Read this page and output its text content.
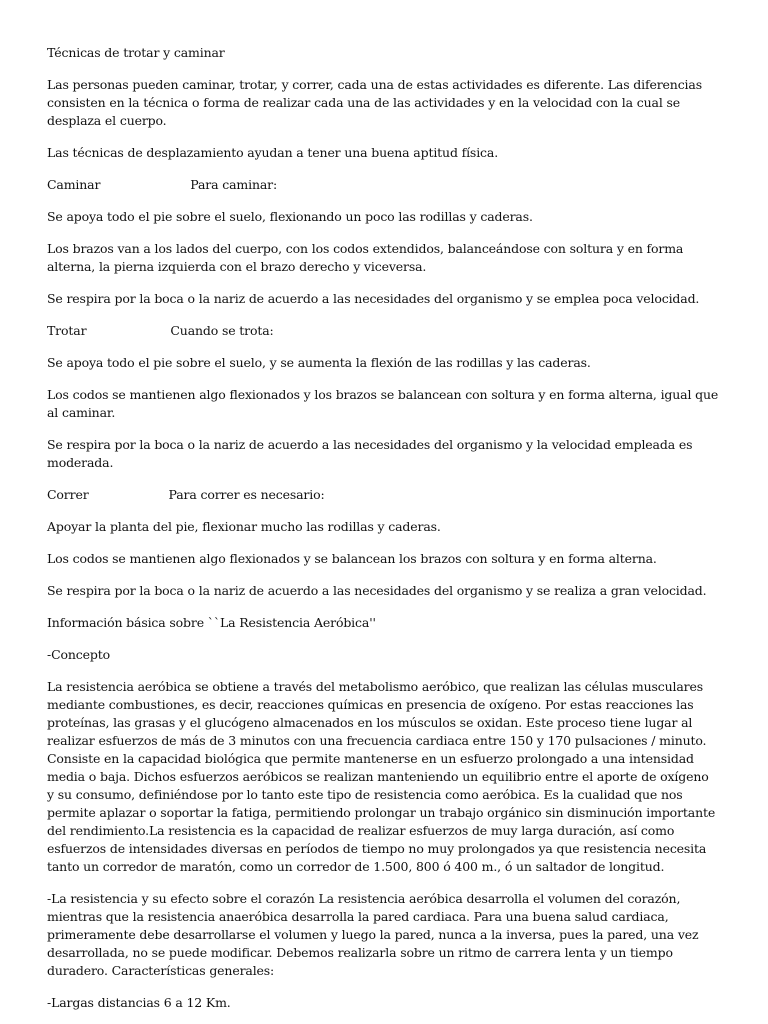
Técnicas de trotar y caminar

Las personas pueden caminar, trotar, y correr, cada una de estas actividades es diferente. Las diferencias consisten en la técnica o forma de realizar cada una de las actividades y en la velocidad con la cual se desplaza el cuerpo.

Las técnicas de desplazamiento ayudan a tener una buena aptitud física.

Caminar	Para caminar:

Se apoya todo el pie sobre el suelo, flexionando un poco las rodillas y caderas.

Los brazos van a los lados del cuerpo, con los codos extendidos, balanceándose con soltura y en forma alterna, la pierna izquierda con el brazo derecho y viceversa.

Se respira por la boca o la nariz de acuerdo a las necesidades del organismo y se emplea poca velocidad.

Trotar	Cuando se trota:

Se apoya todo el pie sobre el suelo, y se aumenta la flexión de las rodillas y las caderas.

Los codos se mantienen algo flexionados y los brazos se balancean con soltura y en forma alterna, igual que al caminar.

Se respira por la boca o la nariz de acuerdo a las necesidades del organismo y la velocidad empleada es moderada.

Correr	Para correr es necesario:

Apoyar la planta del pie, flexionar mucho las rodillas y caderas.

Los codos se mantienen algo flexionados y se balancean los brazos con soltura y en forma alterna.

Se respira por la boca o la nariz de acuerdo a las necesidades del organismo y se realiza a gran velocidad.

Información básica sobre ``La Resistencia Aeróbica''

-Concepto

La resistencia aeróbica se obtiene a través del metabolismo aeróbico, que realizan las células musculares mediante combustiones, es decir, reacciones químicas en presencia de oxígeno. Por estas reacciones las proteínas, las grasas y el glucógeno almacenados en los músculos se oxidan. Este proceso tiene lugar al realizar esfuerzos de más de 3 minutos con una frecuencia cardiaca entre 150 y 170 pulsaciones / minuto. Consiste en la capacidad biológica que permite mantenerse en un esfuerzo prolongado a una intensidad media o baja. Dichos esfuerzos aeróbicos se realizan manteniendo un equilibrio entre el aporte de oxígeno y su consumo, definiéndose por lo tanto este tipo de resistencia como aeróbica. Es la cualidad que nos permite aplazar o soportar la fatiga, permitiendo prolongar un trabajo orgánico sin disminución importante del rendimiento.La resistencia es la capacidad de realizar esfuerzos de muy larga duración, así como esfuerzos de intensidades diversas en períodos de tiempo no muy prolongados ya que resistencia necesita tanto un corredor de maratón, como un corredor de 1.500, 800 ó 400 m., ó un saltador de longitud.

-La resistencia y su efecto sobre el corazón La resistencia aeróbica desarrolla el volumen del corazón, mientras que la resistencia anaeróbica desarrolla la pared cardiaca. Para una buena salud cardiaca, primeramente debe desarrollarse el volumen y luego la pared, nunca a la inversa, pues la pared, una vez desarrollada, no se puede modificar. Debemos realizarla sobre un ritmo de carrera lenta y un tiempo duradero. Características generales:

-Largas distancias 6 a 12 Km.
